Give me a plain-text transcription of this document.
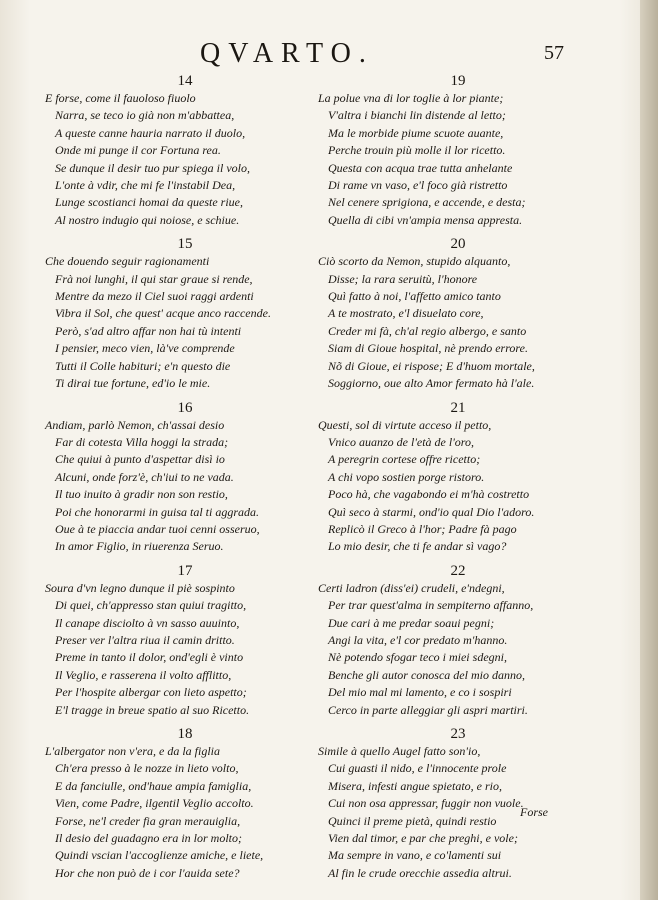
QVARTO.	57
14
E forse, come il fauoloso fiuolo
Narra, se teco io già non m'abbattea,
A queste canne hauria narrato il duolo,
Onde mi punge il cor Fortuna rea.
Se dunque il desir tuo pur spiega il volo,
L'onte à vdir, che mi fe l'instabil Dea,
Lunge scostianci homai da queste riue,
Al nostro indugio qui noiose, e schiue.
15
Che douendo seguir ragionamenti
Frà noi lunghi, il qui star graue si rende,
Mentre da mezo il Ciel suoi raggi ardenti
Vibra il Sol, che quest' acque anco raccende.
Però, s'ad altro affar non hai tù intenti
I pensier, meco vien, là've comprende
Tutti il Colle habituri; e'n questo die
Ti dirai tue fortune, ed'io le mie.
16
Andiam, parlò Nemon, ch'assai desio
Far di cotesta Villa hoggi la strada;
Che quiui à punto d'aspettar disì io
Alcuni, onde forz'è, ch'iui to ne vada.
Il tuo inuito à gradir non son restio,
Poi che honorarmi in guisa tal ti aggrada.
Oue à te piaccia andar tuoi cenni osseruo,
In amor Figlio, in riuerenza Seruo.
17
Soura d'vn legno dunque il piè sospinto
Di quei, ch'appresso stan quiui tragitto,
Il canape disciolto à vn sasso auuinto,
Preser ver l'altra riua il camin dritto.
Preme in tanto il dolor, ond'egli è vinto
Il Veglio, e rasserena il volto afflitto,
Per l'hospite albergar con lieto aspetto;
E'l tragge in breue spatio al suo Ricetto.
18
L'albergator non v'era, e da la figlia
Ch'era presso à le nozze in lieto volto,
E da fanciulle, ond'haue ampia famiglia,
Vien, come Padre, ilgentil Veglio accolto.
Forse, ne'l creder fia gran merauiglia,
Il desio del guadagno era in lor molto;
Quindi vscian l'accoglienze amiche, e liete,
Hor che non può de i cor l'auida sete?
19
La polue vna di lor toglie à lor piante;
V'altra i bianchi lin distende al letto;
Ma le morbide piume scuote auante,
Perche trouin più molle il lor ricetto.
Questa con acqua trae tutta anhelante
Di rame vn vaso, e'l foco già ristretto
Nel cenere sprigiona, e accende, e desta;
Quella di cibi vn'ampia mensa appresta.
20
Ciò scorto da Nemon, stupido alquanto,
Disse; la rara seruitù, l'honore
Quì fatto à noi, l'affetto amico tanto
A te mostrato, e'l disuelato core,
Creder mi fà, ch'al regio albergo, e santo
Siam di Gioue hospital, nè prendo errore.
Nõ di Gioue, ei rispose; E d'huom mortale,
Soggiorno, oue alto Amor fermato hà l'ale.
21
Questi, sol di virtute acceso il petto,
Vnico auanzo de l'età de l'oro,
A peregrin cortese offre ricetto;
A chi vopo sostien porge ristoro.
Poco hà, che vagabondo ei m'hà costretto
Quì seco à starmi, ond'io qual Dio l'adoro.
Replicò il Greco à l'hor; Padre fà pago
Lo mio desir, che ti fe andar sì vago?
22
Certi ladron (diss'ei) crudeli, e'ndegni,
Per trar quest'alma in sempiterno affanno,
Due cari à me predar soaui pegni;
Angi la vita, e'l cor predato m'hanno.
Nè potendo sfogar teco i miei sdegni,
Benche gli autor conosca del mio danno,
Del mio mal mi lamento, e co i sospiri
Cerco in parte alleggiar gli aspri martiri.
23
Simile à quello Augel fatto son'io,
Cui guasti il nido, e l'innocente prole
Misera, infesti angue spietato, e rio,
Cui non osa appressar, fuggir non vuole.
Quinci il preme pietà, quindi restio
Vien dal timor, e par che preghi, e vole;
Ma sempre in vano, e co'lamenti sui
Al fin le crude orecchie assedia altrui.
Forse
